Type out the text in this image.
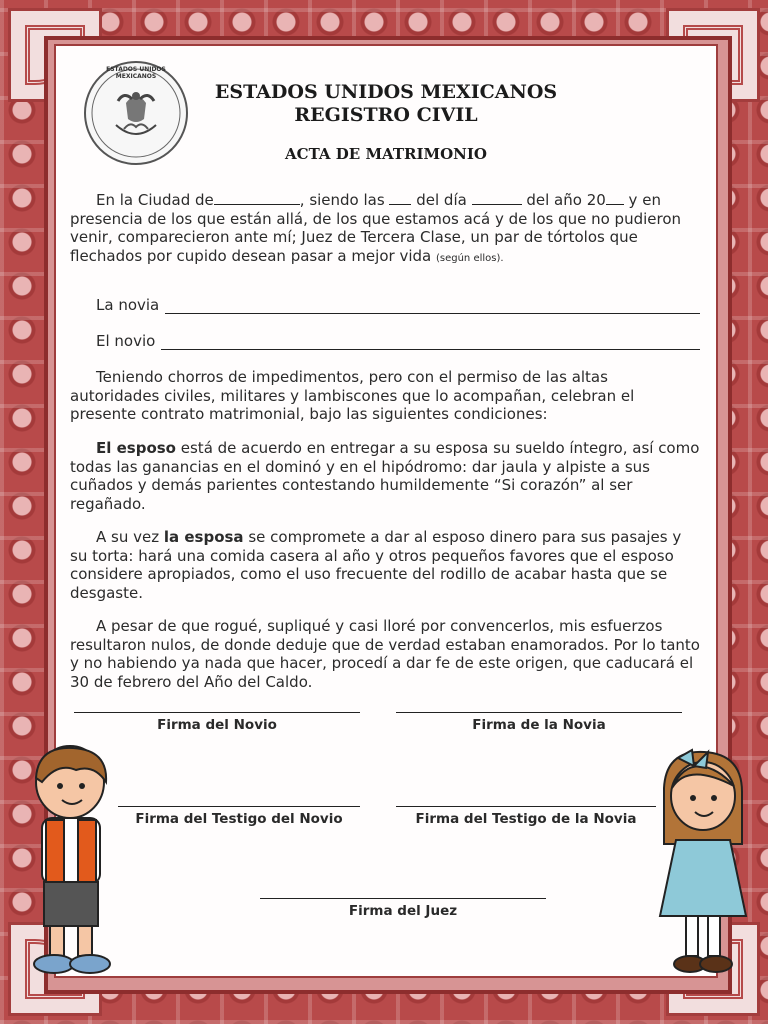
ESTADOS UNIDOS MEXICANOS
ESTADOS UNIDOS MEXICANOS
REGISTRO CIVIL
ACTA DE MATRIMONIO
En la Ciudad de	, siendo las  del día	del año 20 y en presencia de los que están allá, de los que estamos acá y de los que no pudieron venir, comparecieron ante mí; Juez de Tercera Clase, un par de tórtolos que flechados por cupido desean pasar a mejor vida (según ellos).
La novia
El novio
Teniendo chorros de impedimentos, pero con el permiso de las altas autoridades civiles, militares y lambiscones que lo acompañan, celebran el presente contrato matrimonial, bajo las siguientes condiciones:
El esposo está de acuerdo en entregar a su esposa su sueldo íntegro, así como todas las ganancias en el dominó y en el hipódromo: dar jaula y alpiste a sus cuñados y demás parientes contestando humildemente “Si corazón” al ser regañado.
A su vez la esposa se compromete a dar al esposo dinero para sus pasajes y su torta: hará una comida casera al año y otros pequeños favores que el esposo considere apropiados, como el uso frecuente del rodillo de acabar hasta que se desgaste.
A pesar de que rogué, supliqué y casi lloré por convencerlos, mis esfuerzos resultaron nulos, de donde deduje que de verdad estaban enamorados. Por lo tanto y no habiendo ya nada que hacer, procedí a dar fe de este origen, que caducará el 30 de febrero del Año del Caldo.
Firma del Novio	Firma de la Novia
Firma del Testigo del Novio	Firma del Testigo de la Novia
Firma del Juez
